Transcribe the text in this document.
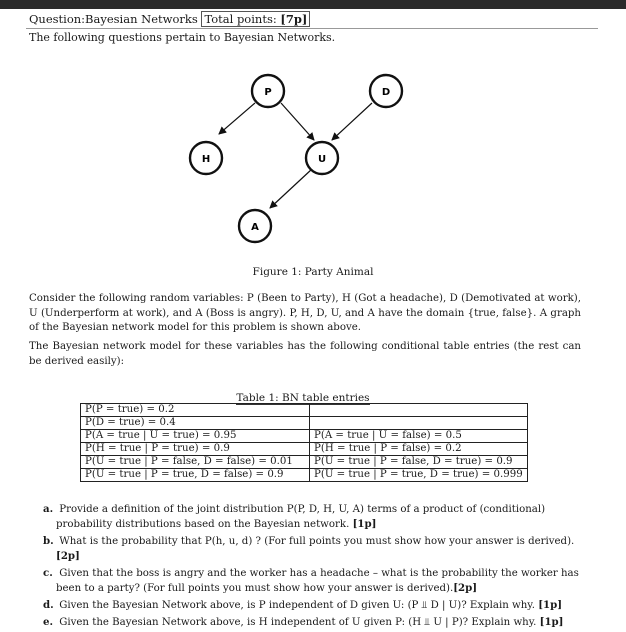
Question:Bayesian Networks Total points: [7p]
The following questions pertain to Bayesian Networks.
P	D
H	U
A
Figure 1: Party Animal
Consider the following random variables: P (Been to Party), H (Got a headache), D (Demotivated at work), U (Underperform at work), and A (Boss is angry). P, H, D, U, and A have the domain {true, false}. A graph of the Bayesian network model for this problem is shown above.
The Bayesian network model for these variables has the following conditional table entries (the rest can be derived easily):
Table 1: BN table entries
P(P = true) = 0.2	
P(D = true) = 0.4	
P(A = true | U = true) = 0.95	P(A = true | U = false) = 0.5
P(H = true | P = true) = 0.9	P(H = true | P = false) = 0.2
P(U = true | P = false, D = false) = 0.01	P(U = true | P = false, D = true) = 0.9
P(U = true | P = true, D = false) = 0.9	P(U = true | P = true, D = true) = 0.999
a. Provide a definition of the joint distribution P(P, D, H, U, A) terms of a product of (conditional) probability distributions based on the Bayesian network. [1p]
b. What is the probability that P(h, u, d) ? (For full points you must show how your answer is derived).[2p]
c. Given that the boss is angry and the worker has a headache – what is the probability the worker has been to a party? (For full points you must show how your answer is derived).[2p]
d. Given the Bayesian Network above, is P independent of D given U: (P ⫫ D | U)? Explain why. [1p]
e. Given the Bayesian Network above, is H independent of U given P: (H ⫫ U | P)? Explain why. [1p]
